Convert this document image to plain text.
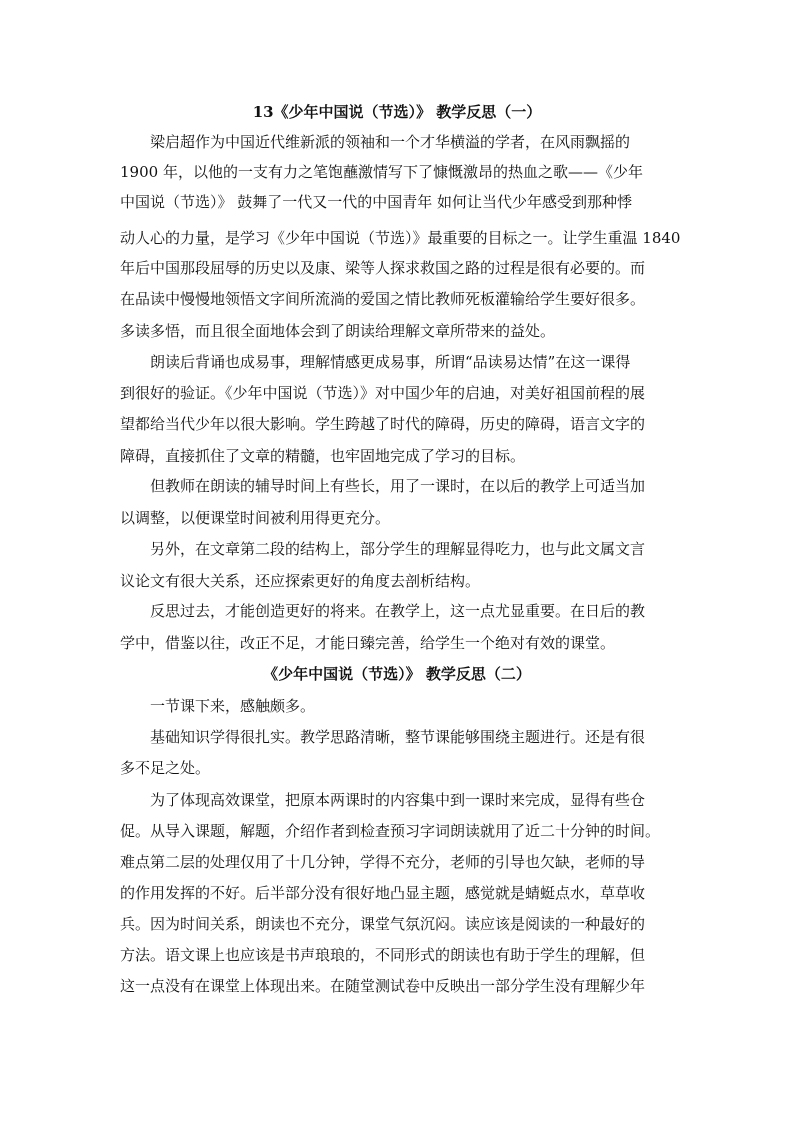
13《少年中国说（节选）》 教学反思（一）
梁启超作为中国近代维新派的领袖和一个才华横溢的学者，在风雨飘摇的
1900 年，以他的一支有力之笔饱蘸激情写下了慷慨激昂的热血之歌——《少年
中国说（节选）》 鼓舞了一代又一代的中国青年 如何让当代少年感受到那种悸
动人心的力量，是学习《少年中国说（节选）》最重要的目标之一。让学生重温 1840
年后中国那段屈辱的历史以及康、梁等人探求救国之路的过程是很有必要的。而
在品读中慢慢地领悟文字间所流淌的爱国之情比教师死板灌输给学生要好很多。
多读多悟，而且很全面地体会到了朗读给理解文章所带来的益处。
朗读后背诵也成易事，理解情感更成易事，所谓“品读易达情”在这一课得
到很好的验证。《少年中国说（节选）》对中国少年的启迪，对美好祖国前程的展
望都给当代少年以很大影响。学生跨越了时代的障碍，历史的障碍，语言文字的
障碍，直接抓住了文章的精髓，也牢固地完成了学习的目标。
但教师在朗读的辅导时间上有些长，用了一课时，在以后的教学上可适当加
以调整，以便课堂时间被利用得更充分。
另外，在文章第二段的结构上，部分学生的理解显得吃力，也与此文属文言
议论文有很大关系，还应探索更好的角度去剖析结构。
反思过去，才能创造更好的将来。在教学上，这一点尤显重要。在日后的教
学中，借鉴以往，改正不足，才能日臻完善，给学生一个绝对有效的课堂。
《少年中国说（节选）》 教学反思（二）
一节课下来，感触颇多。
基础知识学得很扎实。教学思路清晰，整节课能够围绕主题进行。还是有很
多不足之处。
为了体现高效课堂，把原本两课时的内容集中到一课时来完成，显得有些仓
促。从导入课题，解题，介绍作者到检查预习字词朗读就用了近二十分钟的时间。
难点第二层的处理仅用了十几分钟，学得不充分，老师的引导也欠缺，老师的导
的作用发挥的不好。后半部分没有很好地凸显主题，感觉就是蜻蜓点水，草草收
兵。因为时间关系，朗读也不充分，课堂气氛沉闷。读应该是阅读的一种最好的
方法。语文课上也应该是书声琅琅的，不同形式的朗读也有助于学生的理解，但
这一点没有在课堂上体现出来。在随堂测试卷中反映出一部分学生没有理解少年
